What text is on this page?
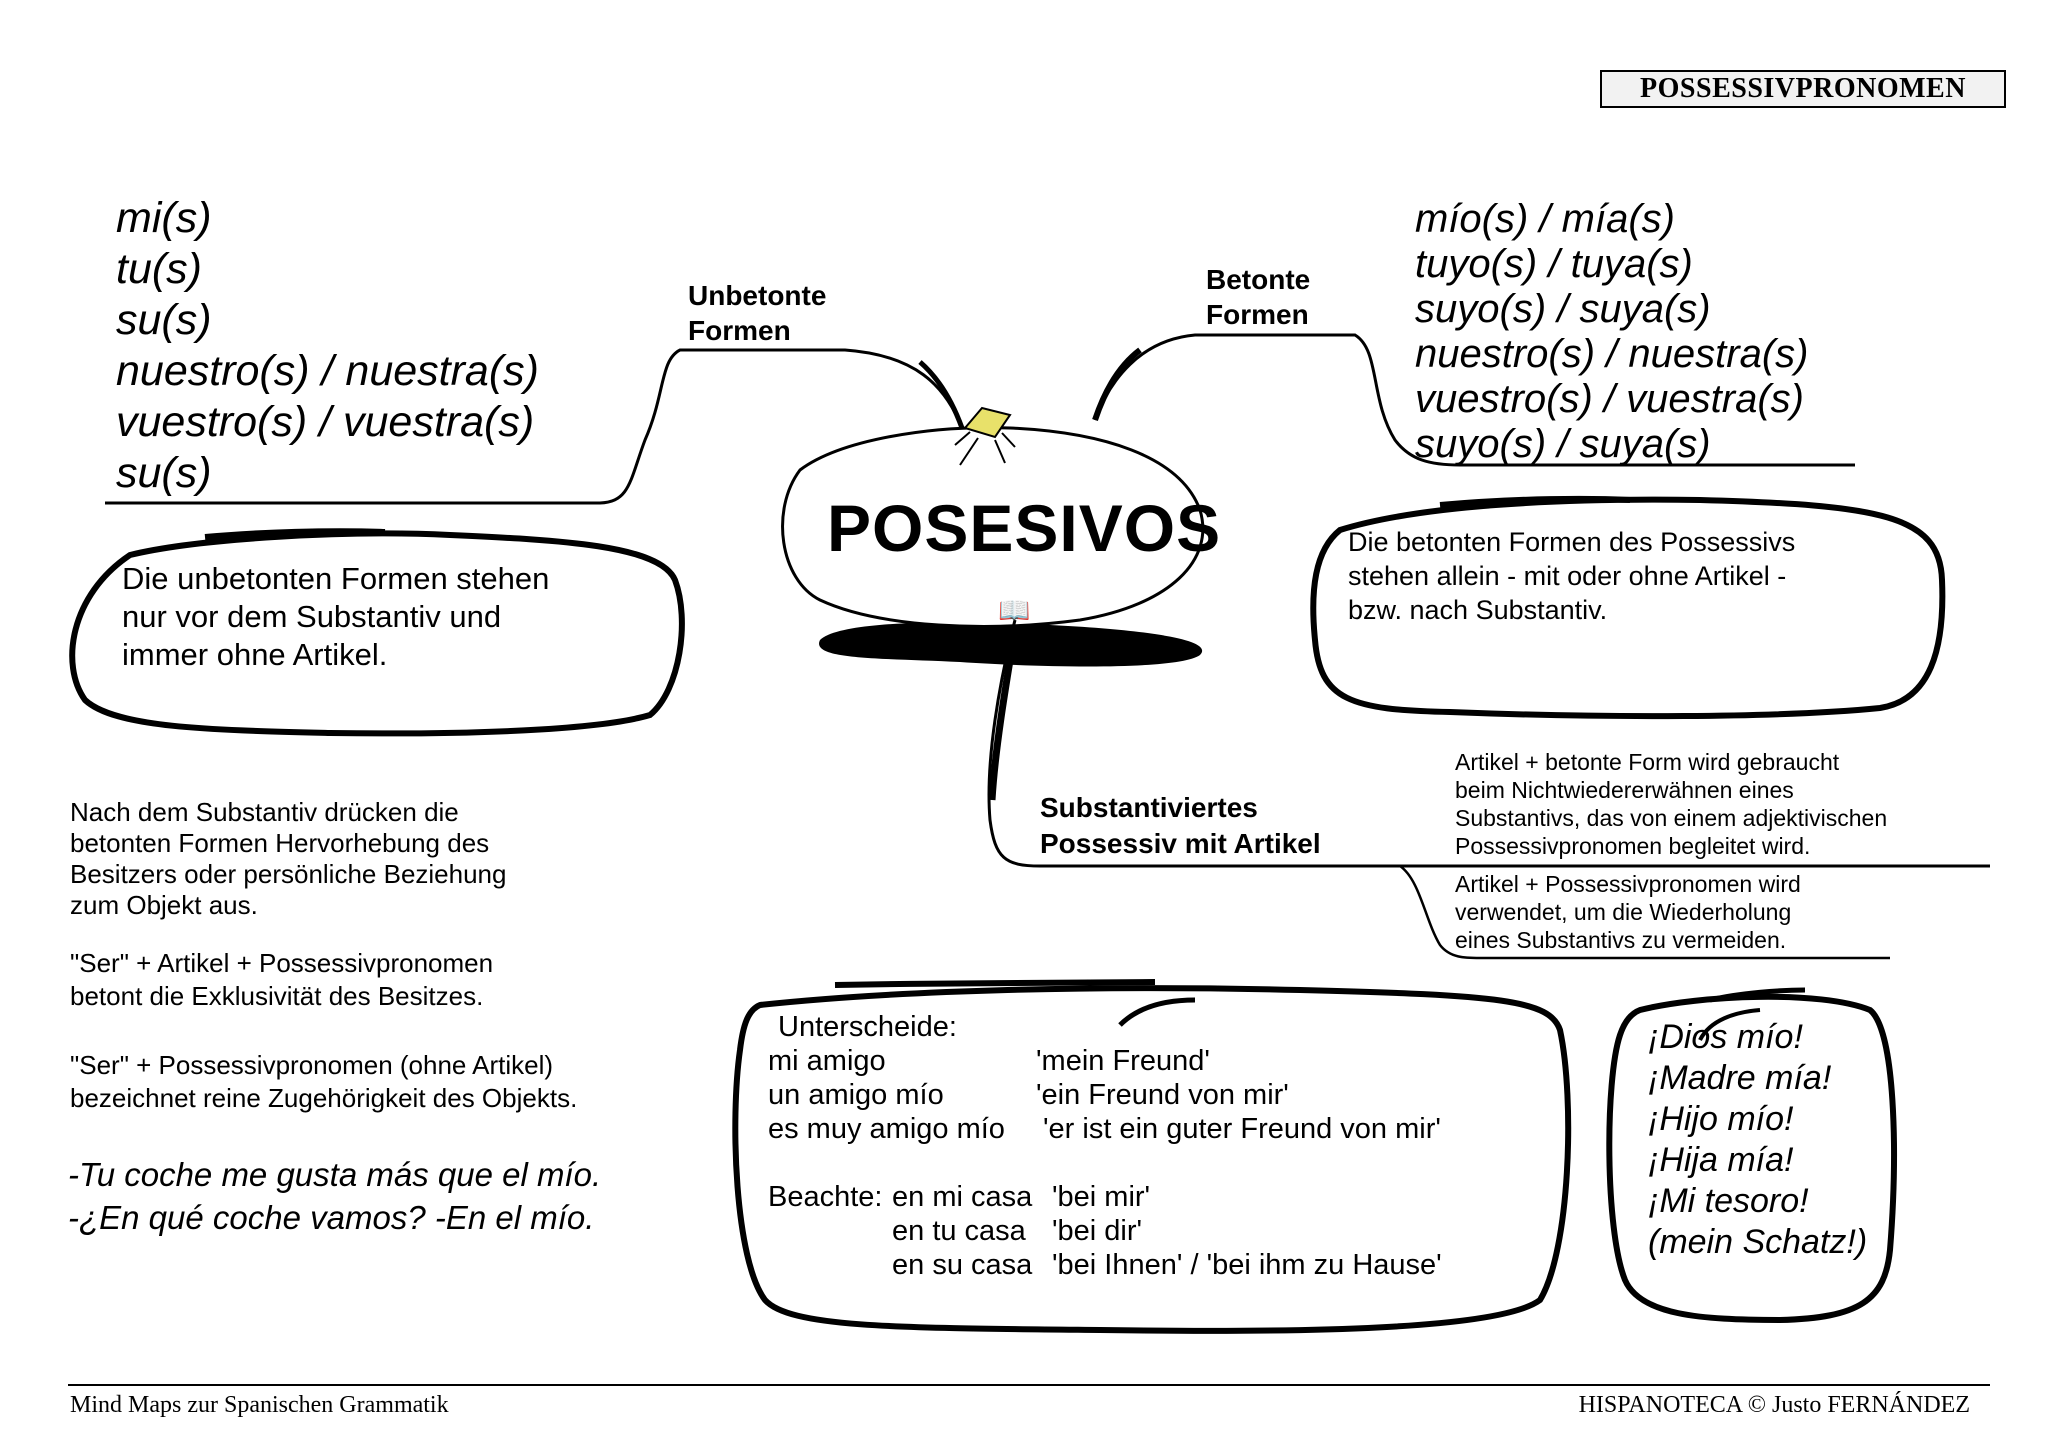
POSSESSIVPRONOMEN
POSESIVOS
📖
mi(s)
tu(s)
su(s)
nuestro(s) / nuestra(s)
vuestro(s) / vuestra(s)
su(s)
Unbetonte
Formen
Betonte
Formen
mío(s) / mía(s)
tuyo(s) / tuya(s)
suyo(s) / suya(s)
nuestro(s) / nuestra(s)
vuestro(s) / vuestra(s)
suyo(s) / suya(s)
Die unbetonten Formen stehen
nur vor dem Substantiv und
immer ohne Artikel.
Die betonten Formen des Possessivs
stehen allein - mit oder ohne Artikel -
bzw. nach Substantiv.
Substantiviertes
Possessiv mit Artikel
Artikel + betonte Form wird gebraucht
beim Nichtwiedererwähnen eines
Substantivs, das von einem adjektivischen
Possessivpronomen begleitet wird.
Artikel + Possessivpronomen wird
verwendet, um die Wiederholung
eines Substantivs zu vermeiden.
Nach dem Substantiv drücken die
betonten Formen Hervorhebung des
Besitzers oder persönliche Beziehung
zum Objekt aus.
"Ser" + Artikel + Possessivpronomen
betont die Exklusivität des Besitzes.
"Ser" + Possessivpronomen (ohne Artikel)
bezeichnet reine Zugehörigkeit des Objekts.
-Tu coche me gusta más que el mío.
-¿En qué coche vamos? -En el mío.
Unterscheide:
mi amigo	'mein Freund'
un amigo mío	'ein Freund von mir'
es muy amigo mío	'er ist ein guter Freund von mir'
Beachte: en mi casa 'bei mir'
en tu casa 'bei dir'
en su casa 'bei Ihnen' / 'bei ihm zu Hause'
¡Dios mío!
¡Madre mía!
¡Hijo mío!
¡Hija mía!
¡Mi tesoro!
(mein Schatz!)
Mind Maps zur Spanischen Grammatik	HISPANOTECA © Justo FERNÁNDEZ
